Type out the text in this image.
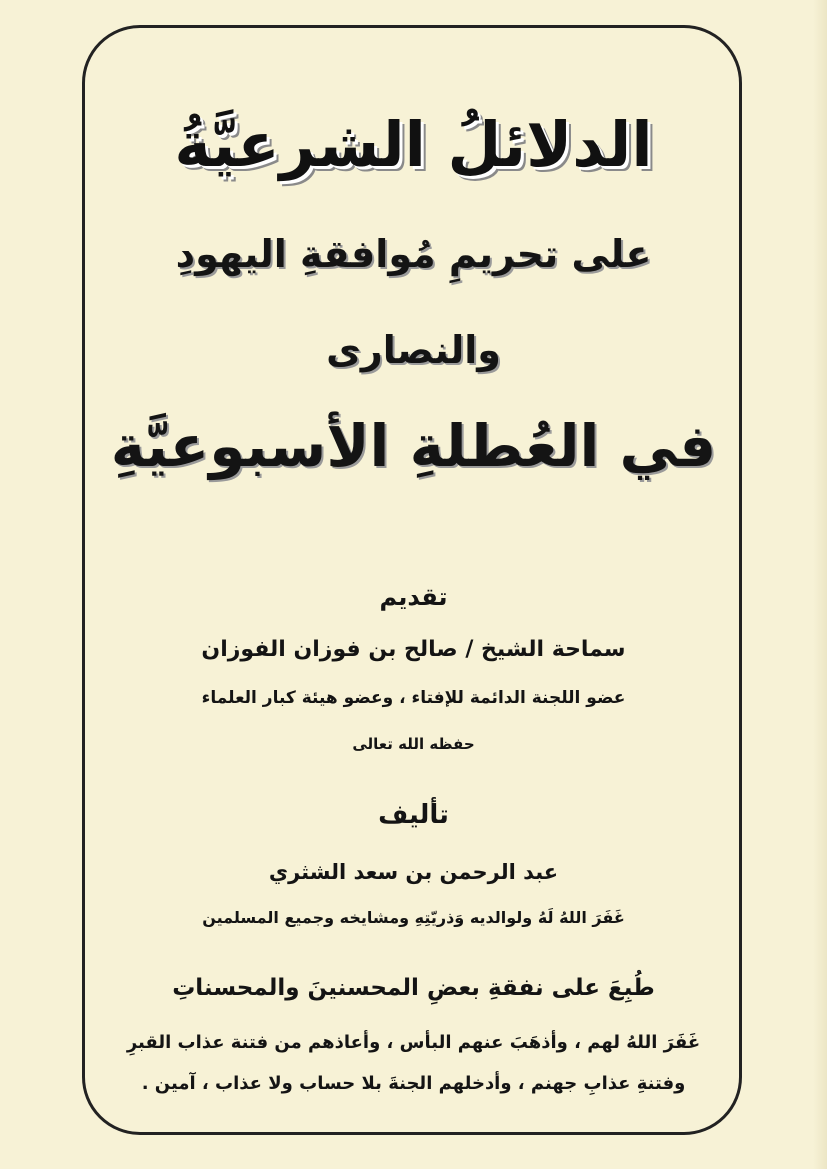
الدلائلُ الشرعيَّةُ
على تحريمِ مُوافقةِ اليهودِ
والنصارى
في العُطلةِ الأسبوعيَّةِ
تقديم
سماحة الشيخ / صالح بن فوزان الفوزان
عضو اللجنة الدائمة للإفتاء ، وعضو هيئة كبار العلماء
حفظه الله تعالى
تأليف
عبد الرحمن بن سعد الشثري
غَفَرَ اللهُ لَهُ ولوالديه وَذريّتِهِ ومشايخه وجميع المسلمين
طُبِعَ على نفقةِ بعضِ المحسنينَ والمحسناتِ
غَفَرَ اللهُ لهم ، وأذهَبَ عنهم البأس ، وأعاذهم من فتنة عذاب القبرِ
وفتنةِ عذابِ جهنم ، وأدخلهم الجنةَ بلا حساب ولا عذاب ، آمين .
